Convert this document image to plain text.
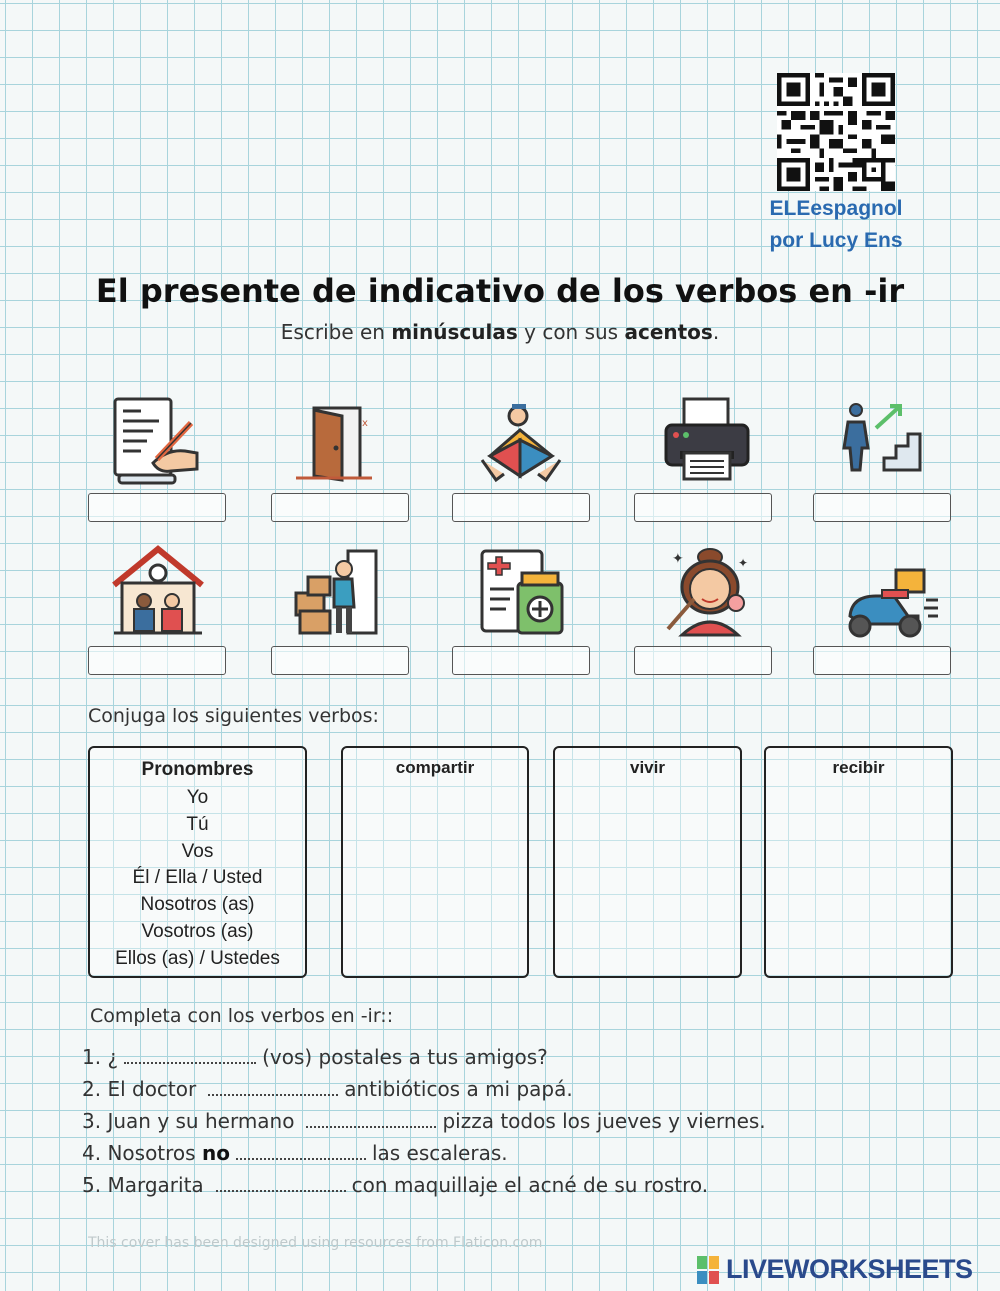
ELEespagnol
por Lucy Ens
El presente de indicativo de los verbos en -ir
Escribe en minúsculas y con sus acentos.
x
✦	✦
Conjuga los siguientes verbos:
Pronombres
Yo
Tú
Vos
Él / Ella / Usted
Nosotros (as)
Vosotros (as)
Ellos (as) / Ustedes
compartir	vivir	recibir
Completa con los verbos en -ir::
1. ¿	(vos) postales a tus amigos?
2. El doctor	antibióticos a mi papá.
3. Juan y su hermano	pizza todos los jueves y viernes.
4. Nosotros no	las escaleras.
5. Margarita	con maquillaje el acné de su rostro.
This cover has been designed using resources from Flaticon.com
LIVEWORKSHEETS
